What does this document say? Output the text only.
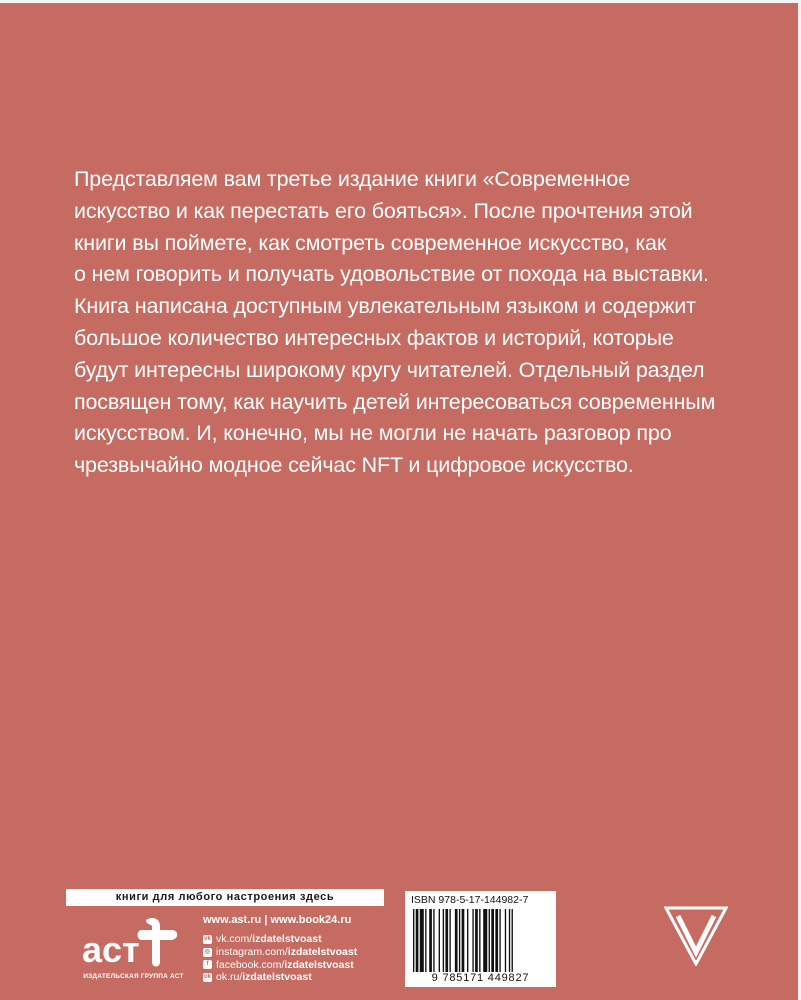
Представляем вам третье издание книги «Современное
искусство и как перестать его бояться». После прочтения этой
книги вы поймете, как смотреть современное искусство, как
о нем говорить и получать удовольствие от похода на выставки.
Книга написана доступным увлекательным языком и содержит
большое количество интересных фактов и историй, которые
будут интересны широкому кругу читателей. Отдельный раздел
посвящен тому, как научить детей интересоваться современным
искусством. И, конечно, мы не могли не начать разговор про
чрезвычайно модное сейчас NFT и цифровое искусство.
книги для любого настроения здесь
аст
ИЗДАТЕЛЬСКАЯ ГРУППА АСТ
www.ast.ru | www.book24.ru
vk vk.com/ izdatelstvoast
◎ instagram.com/ izdatelstvoast
f facebook.com/ izdatelstvoast
ok ok.ru/ izdatelstvoast
ISBN 978-5-17-144982-7
9 785171 449827
